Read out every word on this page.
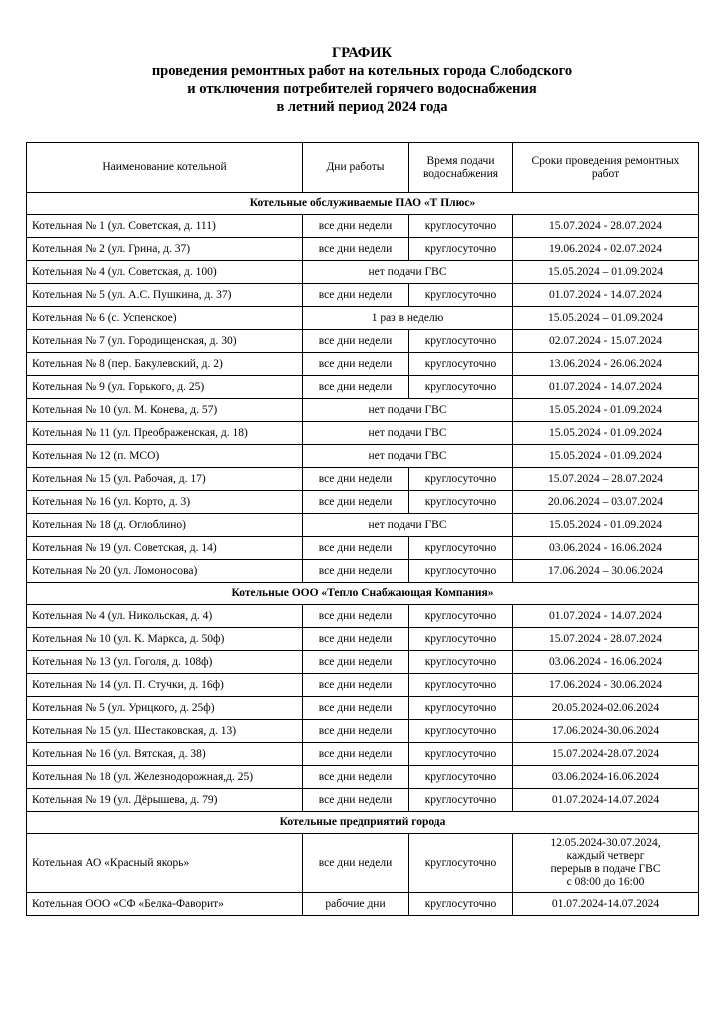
ГРАФИК
проведения ремонтных работ на котельных города Слободского
и отключения потребителей горячего водоснабжения
в летний период 2024 года
Наименование котельной	Дни работы	Время подачи водоснабжения	Сроки проведения ремонтных работ
Котельные обслуживаемые ПАО «Т Плюс»			
Котельная № 1 (ул. Советская, д. 111)	все дни недели	круглосуточно	15.07.2024 - 28.07.2024
Котельная № 2 (ул. Грина, д. 37)	все дни недели	круглосуточно	19.06.2024 - 02.07.2024
Котельная № 4 (ул. Советская, д. 100)	нет подачи ГВС		15.05.2024 – 01.09.2024
Котельная № 5 (ул. А.С. Пушкина, д. 37)	все дни недели	круглосуточно	01.07.2024 - 14.07.2024
Котельная № 6 (с. Успенское)	1 раз в неделю		15.05.2024 – 01.09.2024
Котельная № 7 (ул. Городищенская, д. 30)	все дни недели	круглосуточно	02.07.2024 - 15.07.2024
Котельная № 8 (пер. Бакулевский, д. 2)	все дни недели	круглосуточно	13.06.2024 - 26.06.2024
Котельная № 9 (ул. Горького, д. 25)	все дни недели	круглосуточно	01.07.2024 - 14.07.2024
Котельная № 10 (ул. М. Конева, д. 57)	нет подачи ГВС		15.05.2024 - 01.09.2024
Котельная № 11 (ул. Преображенская, д. 18)	нет подачи ГВС		15.05.2024 - 01.09.2024
Котельная № 12 (п. МСО)	нет подачи ГВС		15.05.2024 - 01.09.2024
Котельная № 15 (ул. Рабочая, д. 17)	все дни недели	круглосуточно	15.07.2024 – 28.07.2024
Котельная № 16 (ул. Корто, д. 3)	все дни недели	круглосуточно	20.06.2024 – 03.07.2024
Котельная № 18 (д. Оглоблино)	нет подачи ГВС		15.05.2024 - 01.09.2024
Котельная № 19 (ул. Советская, д. 14)	все дни недели	круглосуточно	03.06.2024 - 16.06.2024
Котельная № 20 (ул. Ломоносова)	все дни недели	круглосуточно	17.06.2024 – 30.06.2024
Котельные ООО «Тепло Снабжающая Компания»			
Котельная № 4 (ул. Никольская, д. 4)	все дни недели	круглосуточно	01.07.2024 - 14.07.2024
Котельная № 10 (ул. К. Маркса, д. 50ф)	все дни недели	круглосуточно	15.07.2024 - 28.07.2024
Котельная № 13 (ул. Гоголя, д. 108ф)	все дни недели	круглосуточно	03.06.2024 - 16.06.2024
Котельная № 14 (ул. П. Стучки, д. 16ф)	все дни недели	круглосуточно	17.06.2024 - 30.06.2024
Котельная № 5 (ул. Урицкого, д. 25ф)	все дни недели	круглосуточно	20.05.2024-02.06.2024
Котельная № 15 (ул. Шестаковская, д. 13)	все дни недели	круглосуточно	17.06.2024-30.06.2024
Котельная № 16 (ул. Вятская, д. 38)	все дни недели	круглосуточно	15.07.2024-28.07.2024
Котельная № 18 (ул. Железнодорожная,д. 25)	все дни недели	круглосуточно	03.06.2024-16.06.2024
Котельная № 19 (ул. Дёрышева, д. 79)	все дни недели	круглосуточно	01.07.2024-14.07.2024
Котельные предприятий города			
Котельная АО «Красный якорь»	все дни недели	круглосуточно	12.05.2024-30.07.2024,
каждый четверг
перерыв в подаче ГВС
с 08:00 до 16:00

Котельная ООО «СФ «Белка-Фаворит»	рабочие дни	круглосуточно	01.07.2024-14.07.2024
